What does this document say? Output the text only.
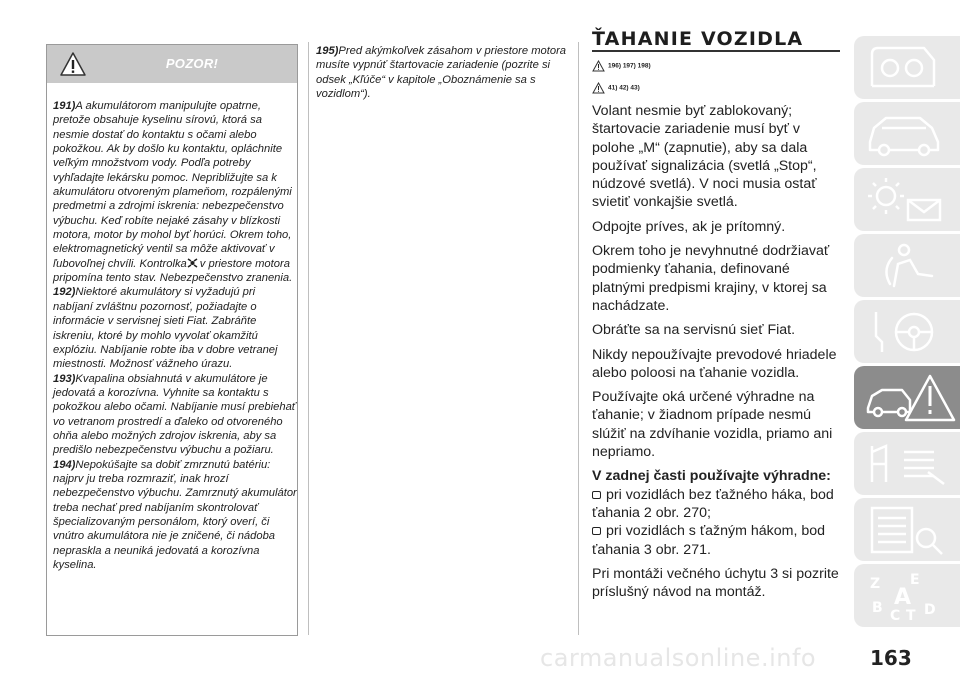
POZOR!

191)A akumulátorom manipulujte opatrne, pretože obsahuje kyselinu sírovú, ktorá sa nesmie dostať do kontaktu s očami alebo pokožkou. Ak by došlo ku kontaktu, opláchnite veľkým množstvom vody. Podľa potreby vyhľadajte lekársku pomoc. Nepribližujte sa k akumulátoru otvoreným plameňom, rozpálenými predmetmi a zdrojmi iskrenia: nebezpečenstvo výbuchu. Keď robíte nejaké zásahy v blízkosti motora, motor by mohol byť horúci. Okrem toho, elektromagnetický ventil sa môže aktivovať v ľubovoľnej chvíli. Kontrolka v priestore motora pripomína tento stav. Nebezpečenstvo zranenia.

192)Niektoré akumulátory si vyžadujú pri nabíjaní zvláštnu pozornosť, požiadajte o informácie v servisnej sieti Fiat. Zabráňte iskreniu, ktoré by mohlo vyvolať okamžitú explóziu. Nabíjanie robte iba v dobre vetranej miestnosti. Možnosť vážneho úrazu.

193)Kvapalina obsiahnutá v akumulátore je jedovatá a korozívna. Vyhnite sa kontaktu s pokožkou alebo očami. Nabíjanie musí prebiehať vo vetranom prostredí a ďaleko od otvoreného ohňa alebo možných zdrojov iskrenia, aby sa predišlo nebezpečenstvu výbuchu a požiaru.

194)Nepokúšajte sa dobiť zmrznutú batériu: najprv ju treba rozmraziť, inak hrozí nebezpečenstvo výbuchu. Zamrznutý akumulátor treba nechať pred nabíjaním skontrolovať špecializovaným personálom, ktorý overí, či vnútro akumulátora nie je zničené, či nádoba nepraskla a neuniká jedovatá a korozívna kyselina.

195)Pred akýmkoľvek zásahom v priestore motora musíte vypnúť štartovacie zariadenie (pozrite si odsek „Kľúče“ v kapitole „Oboznámenie sa s vozidlom“).

ŤAHANIE VOZIDLA
196) 197) 198)
41) 42) 43)

Volant nesmie byť zablokovaný; štartovacie zariadenie musí byť v polohe „M“ (zapnutie), aby sa dala používať signalizácia (svetlá „Stop“, núdzové svetlá). V noci musia ostať svietiť vonkajšie svetlá.

Odpojte príves, ak je prítomný.

Okrem toho je nevyhnutné dodržiavať podmienky ťahania, definované platnými predpismi krajiny, v ktorej sa nachádzate.

Obráťte sa na servisnú sieť Fiat.

Nikdy nepoužívajte prevodové hriadele alebo poloosi na ťahanie vozidla.

Používajte oká určené výhradne na ťahanie; v žiadnom prípade nesmú slúžiť na zdvíhanie vozidla, priamo ani nepriamo.

V zadnej časti používajte výhradne:

pri vozidlách bez ťažného háka, bod ťahania 2 obr. 270;

pri vozidlách s ťažným hákom, bod ťahania 3 obr. 271.

Pri montáži večného úchytu 3 si pozrite príslušný návod na montáž.

Z E
B C T D
A
carmanualsonline.info	163
